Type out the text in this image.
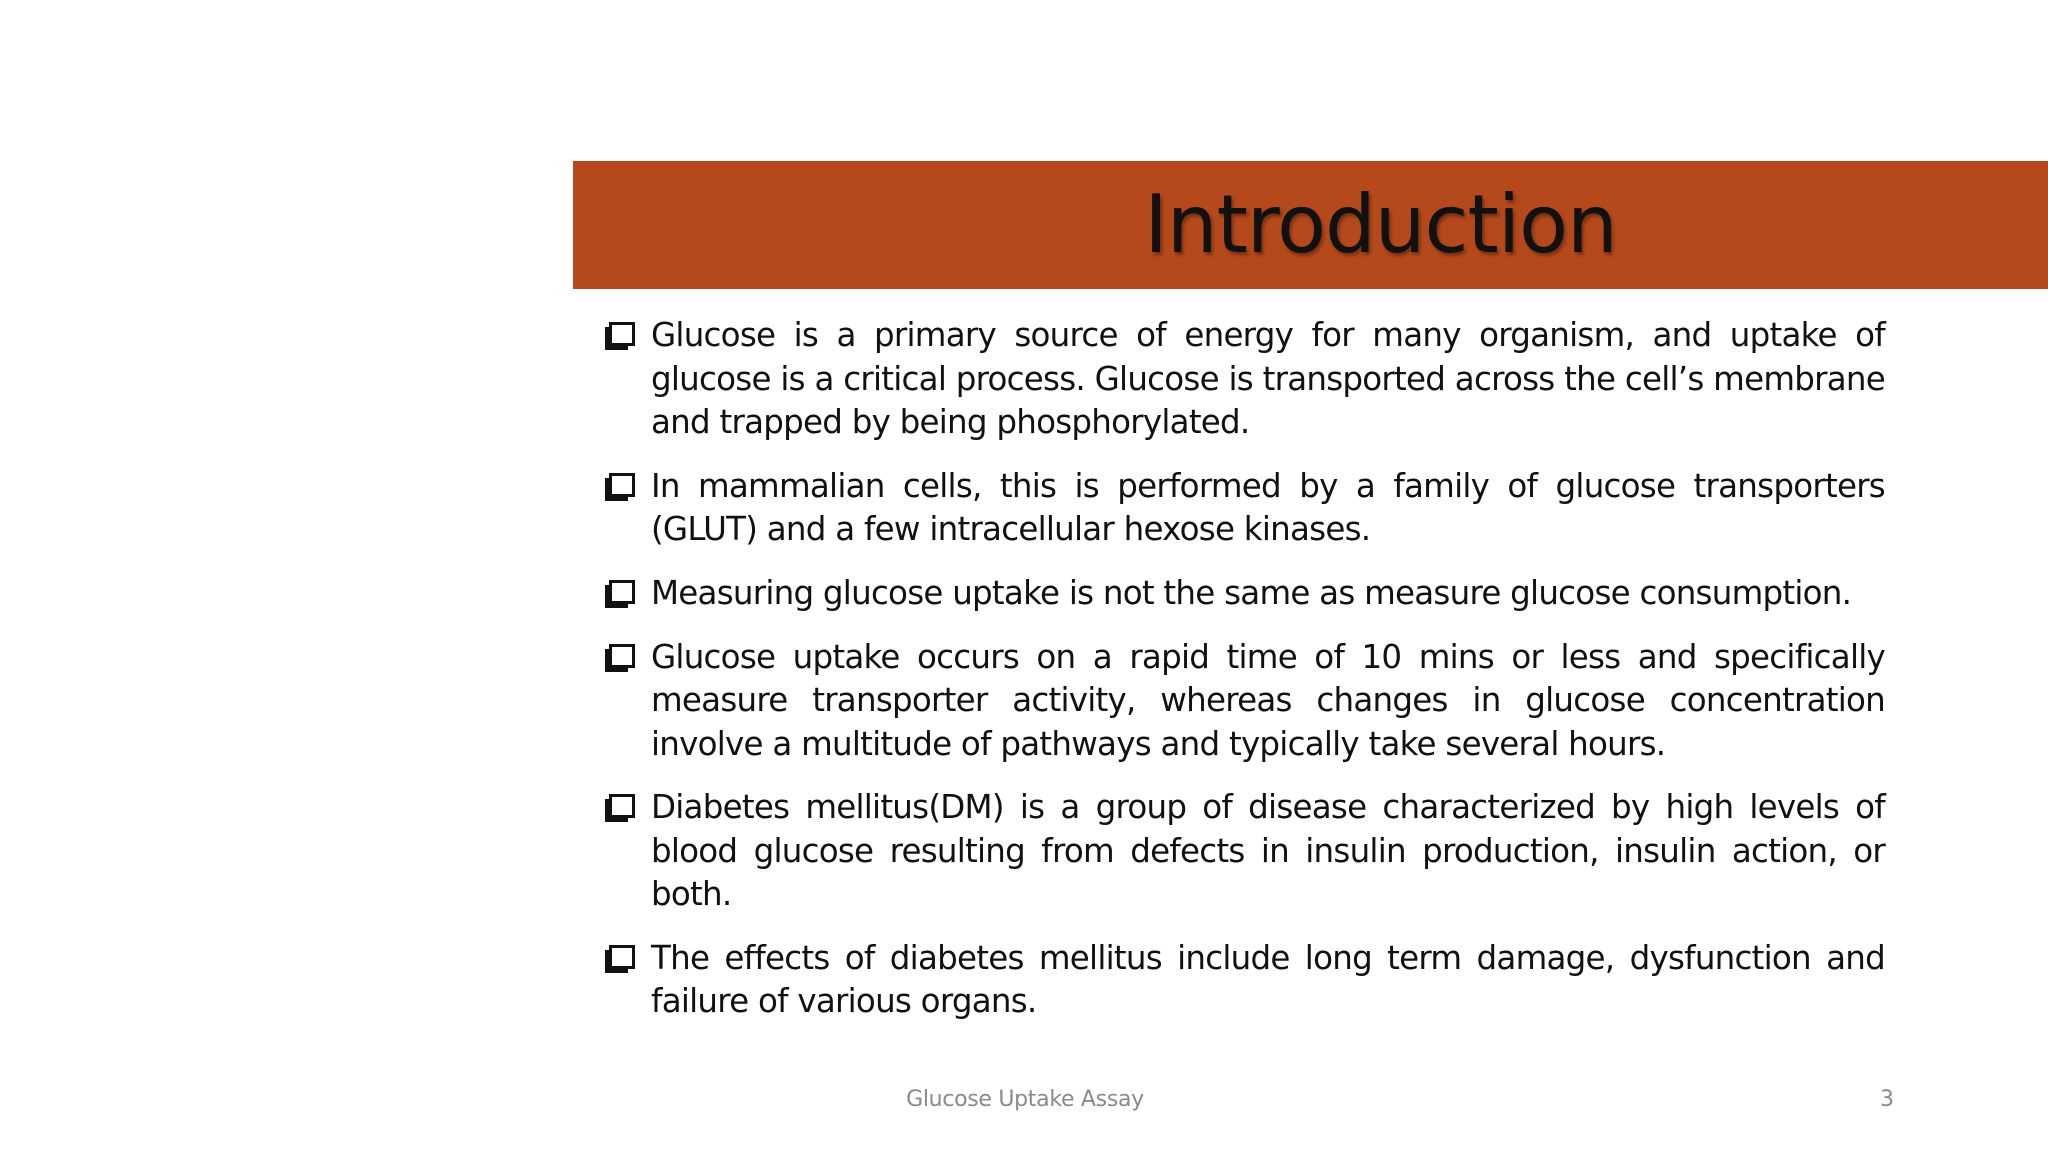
Introduction
Glucose is a primary source of energy for many organism, and uptake of glucose is a critical process. Glucose is transported across the cell’s membrane and trapped by being phosphorylated.
In mammalian cells, this is performed by a family of glucose transporters (GLUT) and a few intracellular hexose kinases.
Measuring glucose uptake is not the same as measure glucose consumption.
Glucose uptake occurs on a rapid time of 10 mins or less and specifically measure transporter activity, whereas changes in glucose concentration involve a multitude of pathways and typically take several hours.
Diabetes mellitus(DM) is a group of disease characterized by high levels of blood glucose resulting from defects in insulin production, insulin action, or both.
The effects of diabetes mellitus include long term damage, dysfunction and failure of various organs.
Glucose Uptake Assay	3
